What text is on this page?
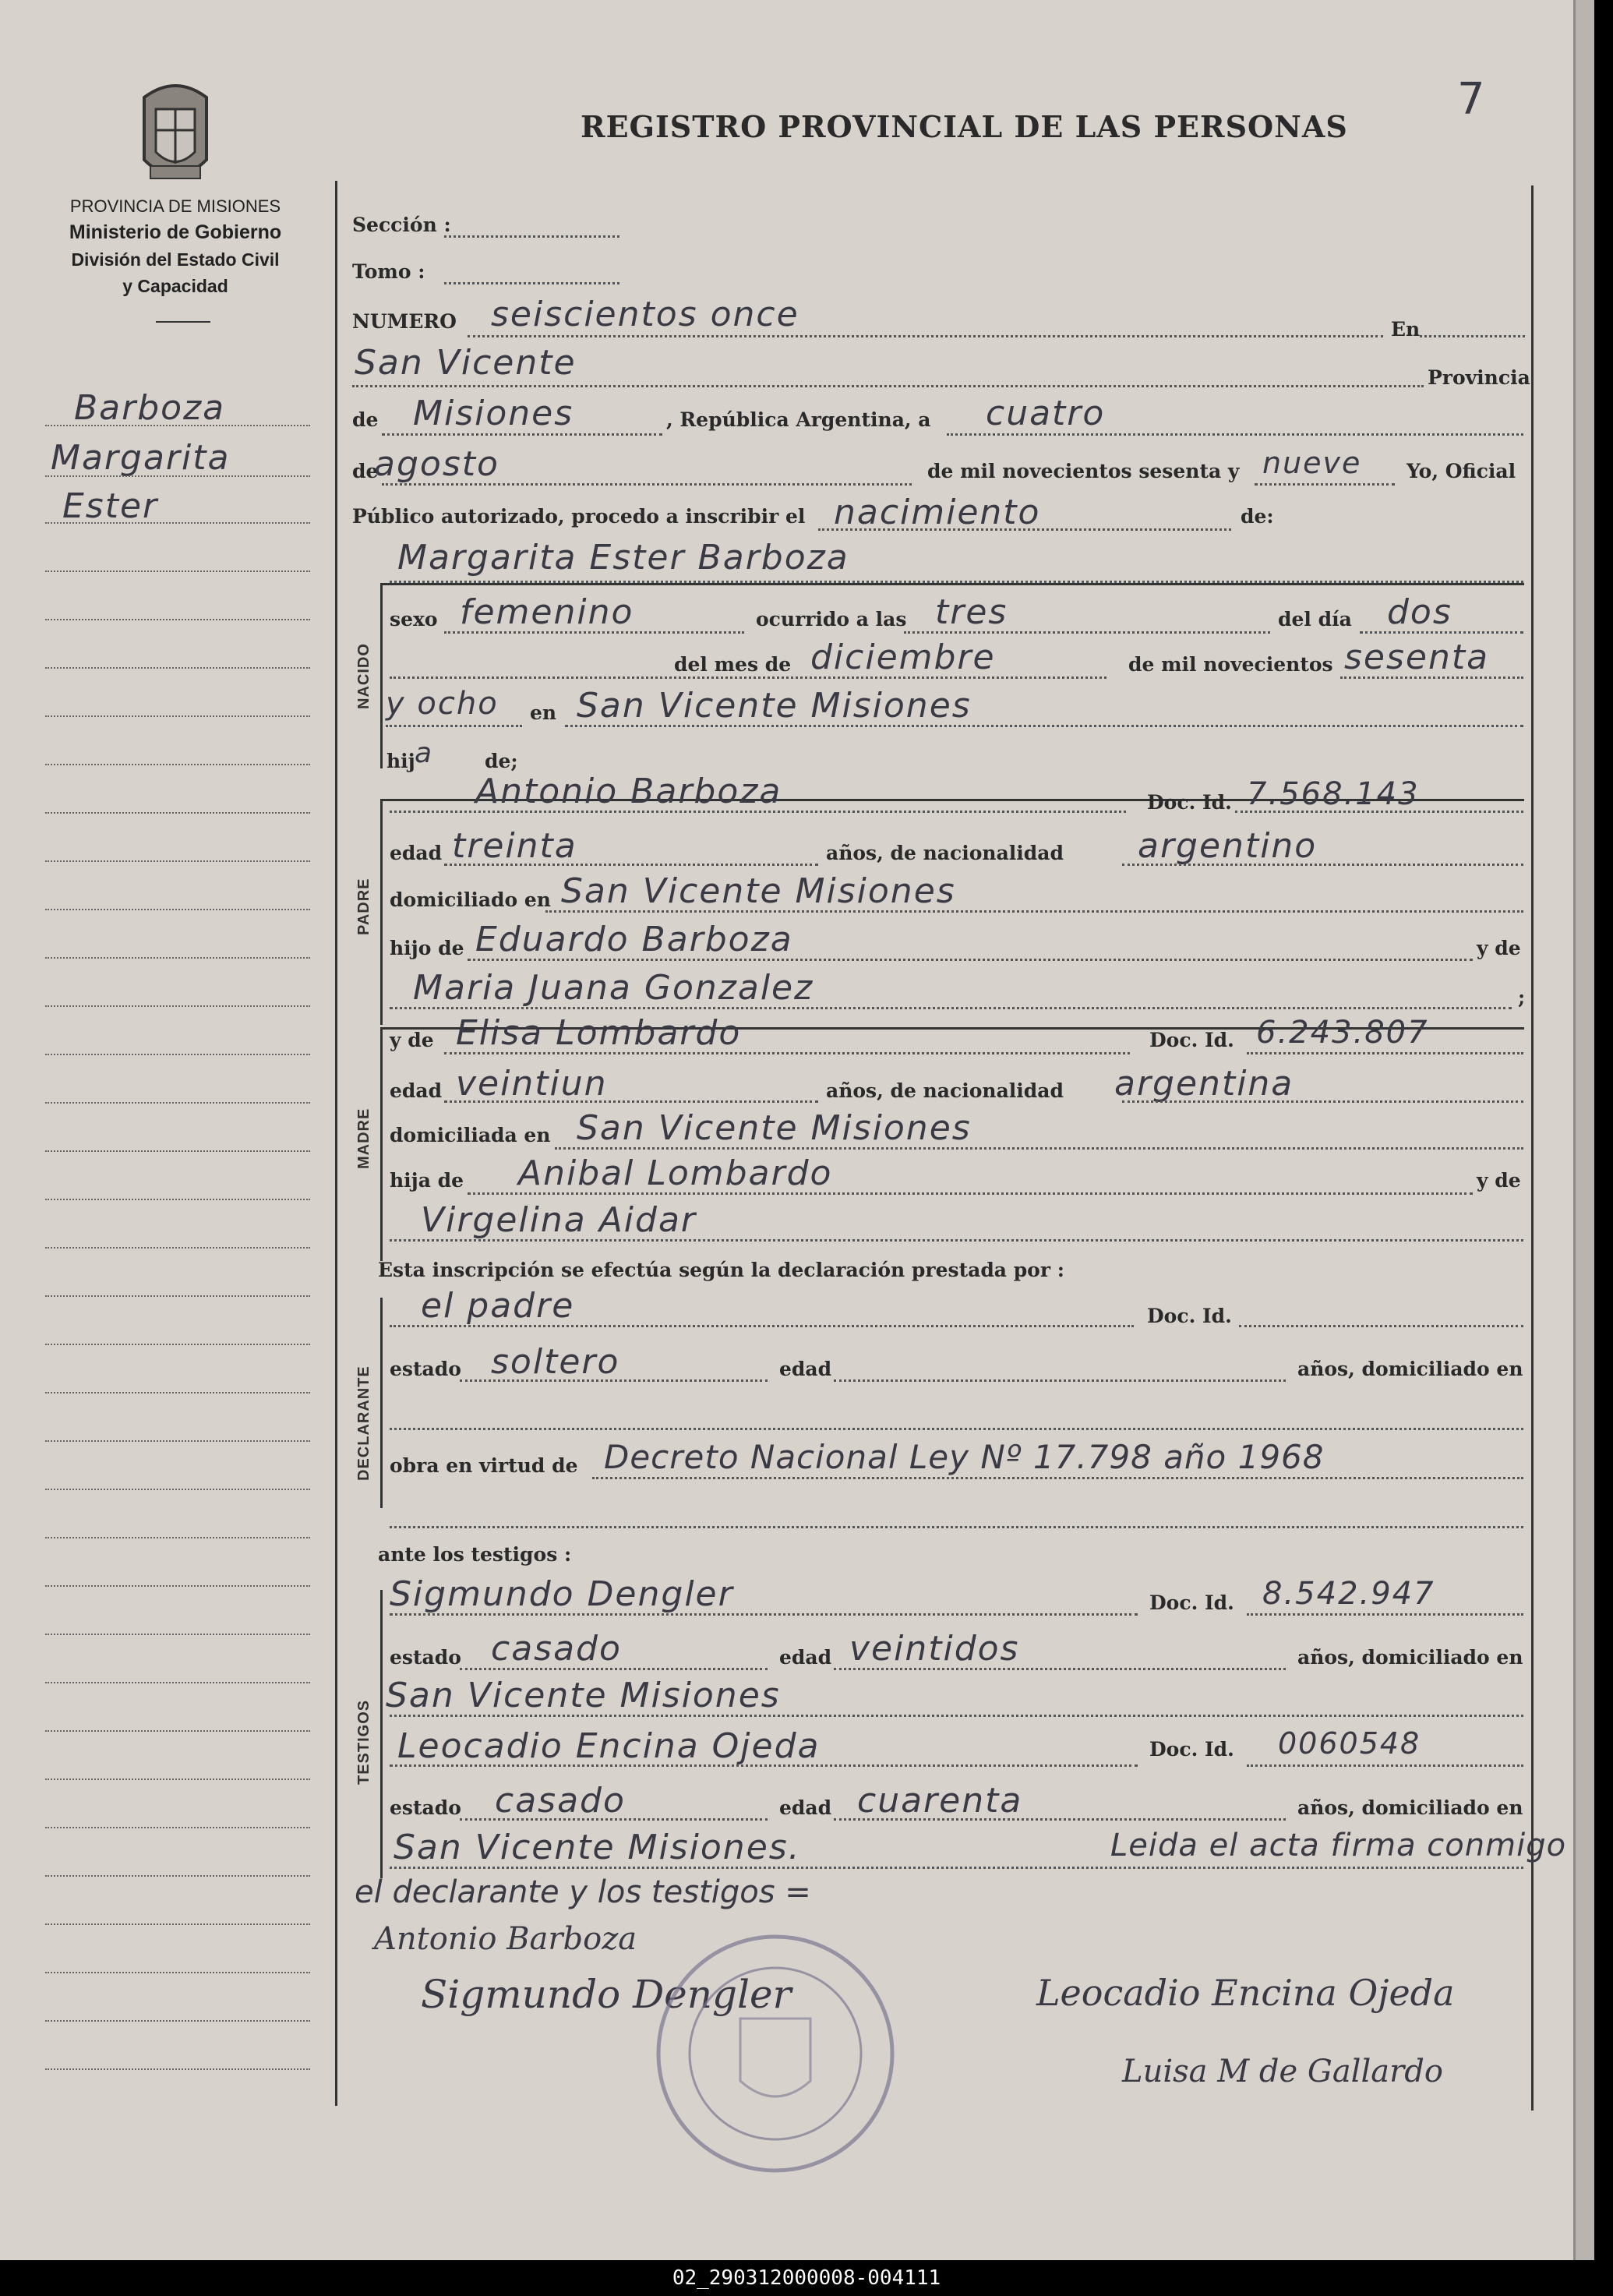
PROVINCIA DE MISIONES
Ministerio de Gobierno
División del Estado Civil
y Capacidad
REGISTRO PROVINCIAL DE LAS PERSONAS
7
Barboza
Margarita
Ester
Sección :
Tomo :
NUMERO seiscientos once	En
San Vicente	Provincia
de Misiones	, República Argentina, a cuatro
de
agosto	de mil novecientos sesenta y nueve Yo, Oficial
Público autorizado, procedo a inscribir el nacimiento	de:
NACIDO
Margarita Ester Barboza
sexo femenino	ocurrido a las tres	del día dos
del mes de diciembre	de mil novecientos sesenta
y ocho en San Vicente Misiones
hij a	de;
PADRE
Antonio Barboza	Doc. Id. 7.568.143
edad treinta	años, de nacionalidad argentino
domiciliado en San Vicente Misiones
hijo de Eduardo Barboza	y de
Maria Juana Gonzalez	;
MADRE
y de Elisa Lombardo	Doc. Id. 6.243.807
edad veintiun	años, de nacionalidad argentina
domiciliada en San Vicente Misiones
hija de Anibal Lombardo	y de
Virgelina Aidar
Esta inscripción se efectúa según la declaración prestada por :
DECLARANTE
el padre	Doc. Id.
estado soltero	edad	años, domiciliado en
obra en virtud de Decreto Nacional Ley Nº 17.798 año 1968
ante los testigos :
TESTIGOS
Sigmundo Dengler	Doc. Id. 8.542.947
estado casado	edad veintidos	años, domiciliado en
San Vicente Misiones
Leocadio Encina Ojeda	Doc. Id. 0060548
estado casado	edad cuarenta	años, domiciliado en
San Vicente Misiones.	Leida el acta firma conmigo
el declarante y los testigos =
Antonio Barboza
Sigmundo Dengler	Leocadio Encina Ojeda
Luisa M de Gallardo
02_290312000008-004111
